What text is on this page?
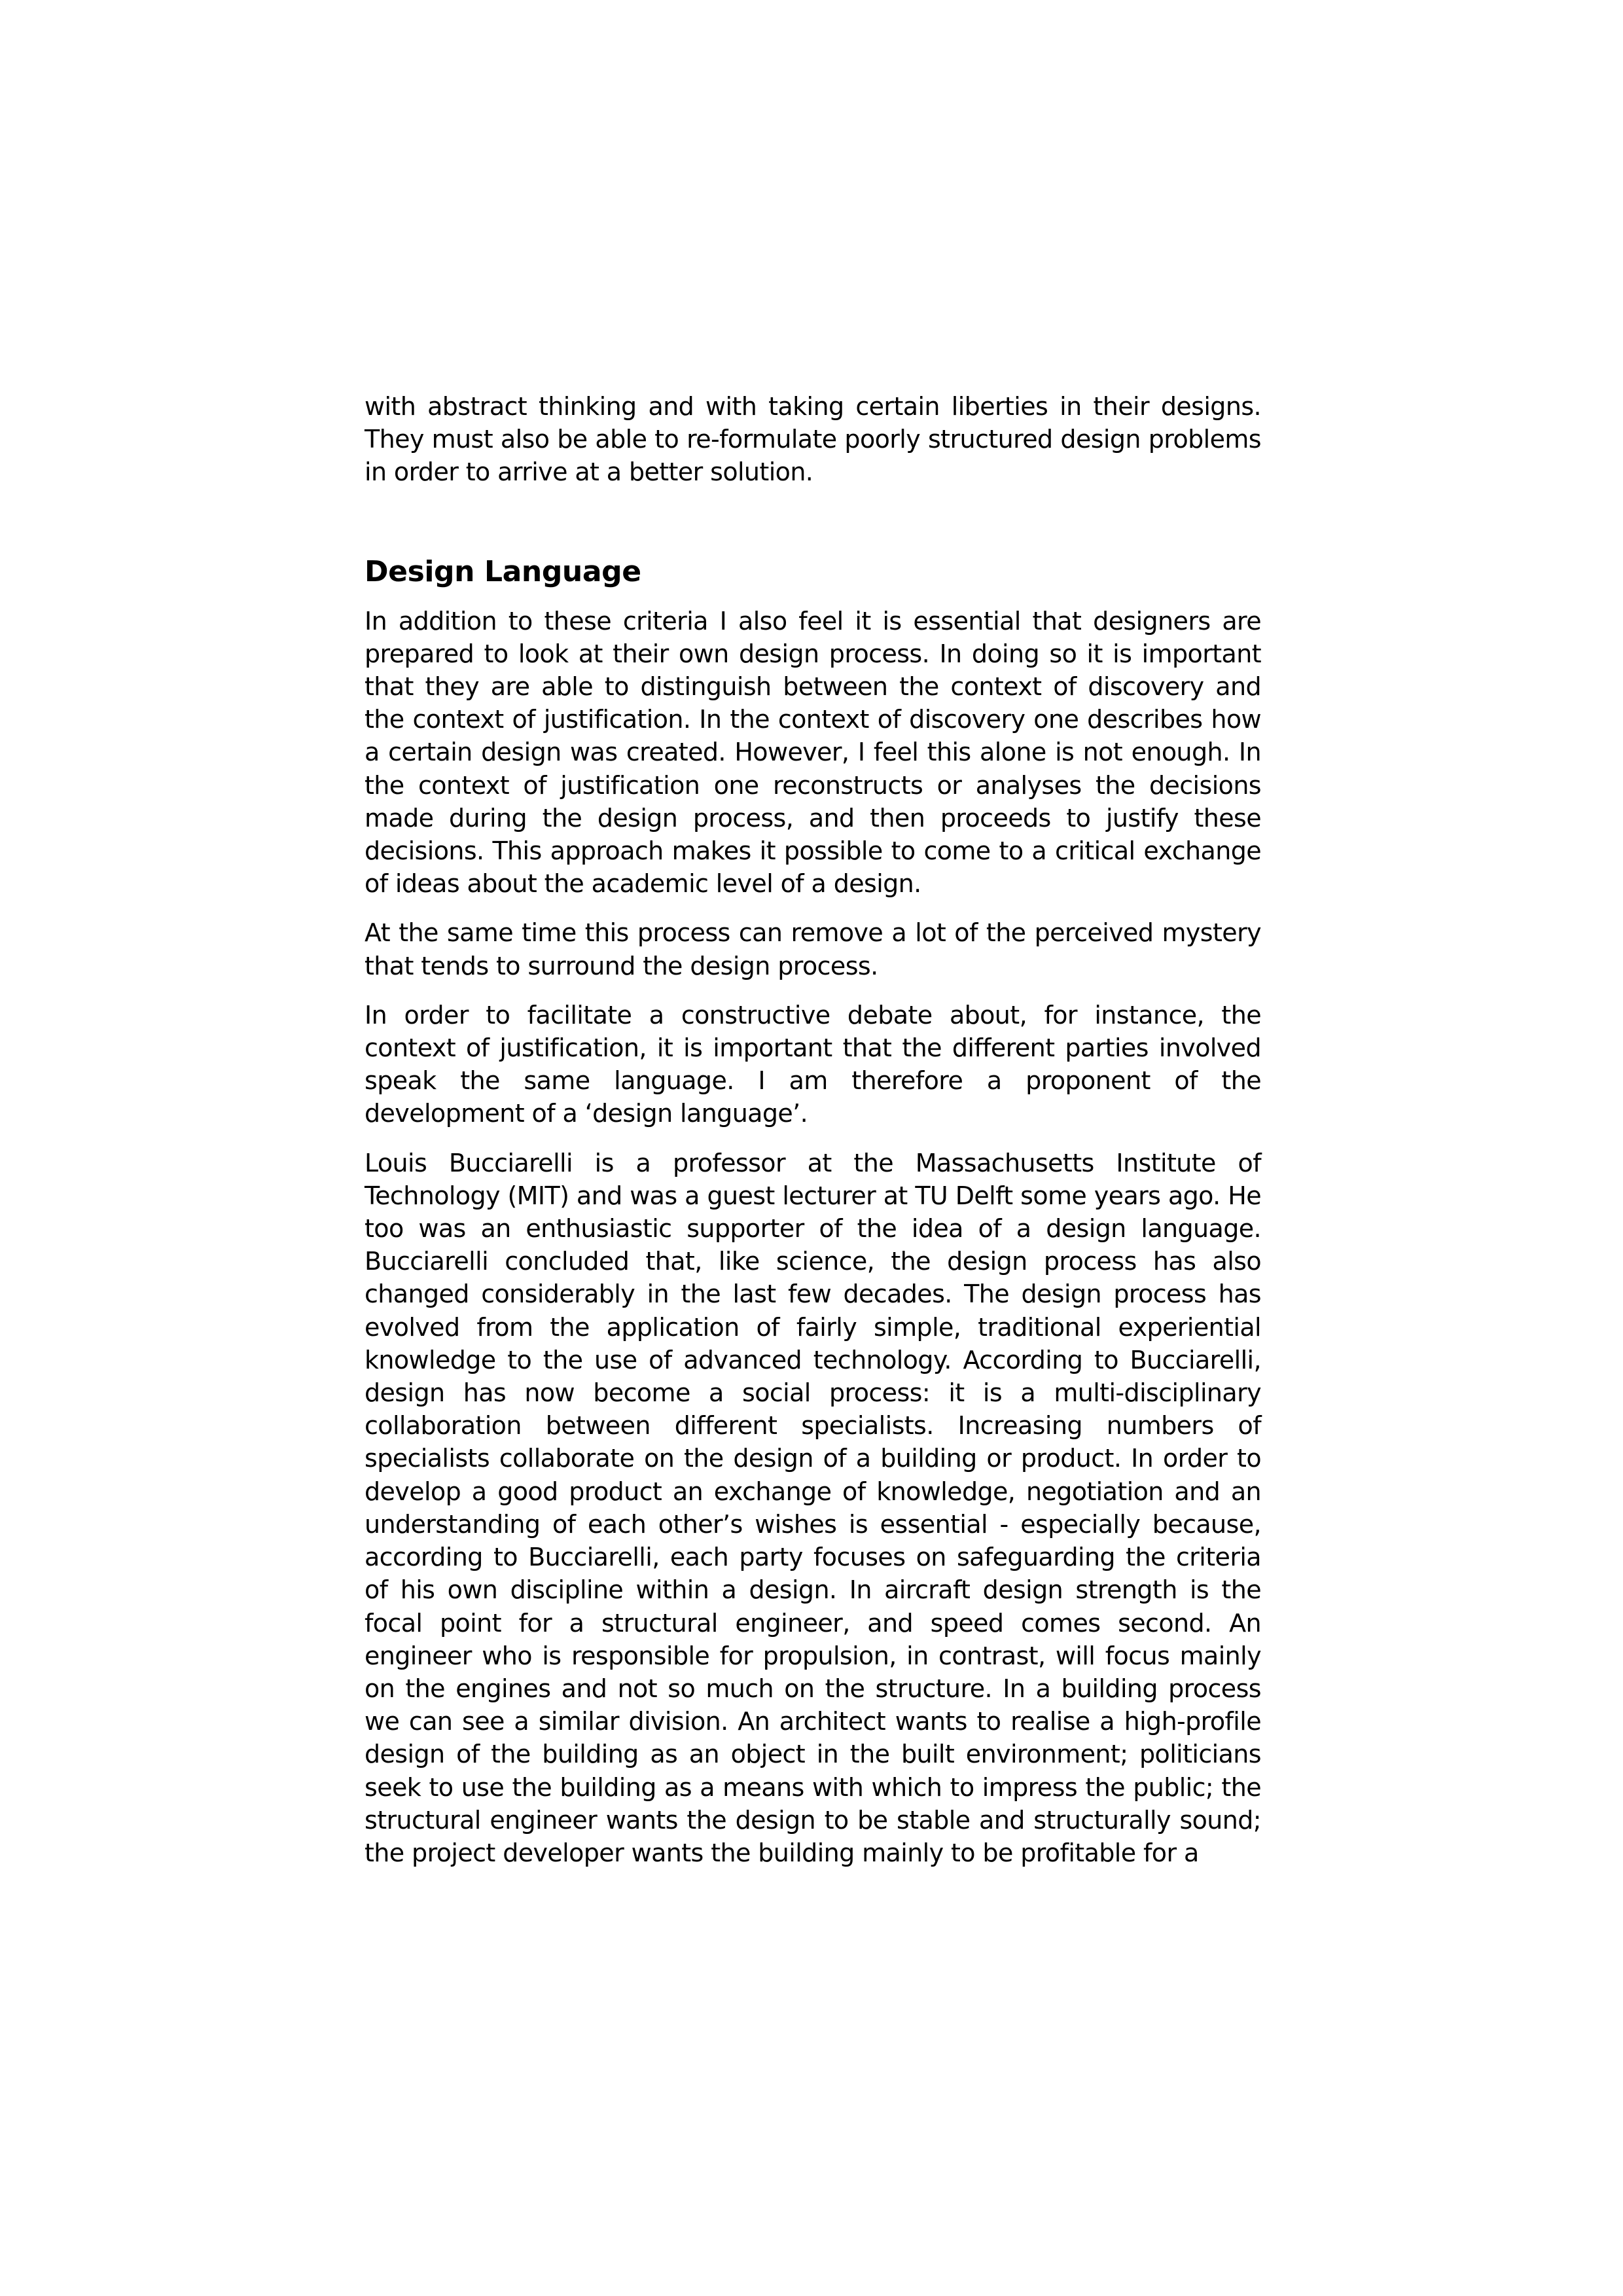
with abstract thinking and with taking certain liberties in their designs. They must also be able to re-formulate poorly structured design problems in order to arrive at a better solution.

Design Language

In addition to these criteria I also feel it is essential that designers are prepared to look at their own design process. In doing so it is important that they are able to distinguish between the context of discovery and the context of justification. In the context of discovery one describes how a certain design was created. However, I feel this alone is not enough. In the context of justification one reconstructs or analyses the decisions made during the design process, and then proceeds to justify these decisions. This approach makes it possible to come to a critical exchange of ideas about the academic level of a design.

At the same time this process can remove a lot of the perceived mystery that tends to surround the design process.

In order to facilitate a constructive debate about, for instance, the context of justification, it is important that the different parties involved speak the same language. I am therefore a proponent of the development of a ‘design language’.

Louis Bucciarelli is a professor at the Massachusetts Institute of Technology (MIT) and was a guest lecturer at TU Delft some years ago. He too was an enthusiastic supporter of the idea of a design language. Bucciarelli concluded that, like science, the design process has also changed considerably in the last few decades. The design process has evolved from the application of fairly simple, traditional experiential knowledge to the use of advanced technology. According to Bucciarelli, design has now become a social process: it is a multi-disciplinary collaboration between different specialists. Increasing numbers of specialists collaborate on the design of a building or product. In order to develop a good product an exchange of knowledge, negotiation and an understanding of each other’s wishes is essential - especially because, according to Bucciarelli, each party focuses on safeguarding the criteria of his own discipline within a design. In aircraft design strength is the focal point for a structural engineer, and speed comes second. An engineer who is responsible for propulsion, in contrast, will focus mainly on the engines and not so much on the structure. In a building process we can see a similar division. An architect wants to realise a high-profile design of the building as an object in the built environment; politicians seek to use the building as a means with which to impress the public; the structural engineer wants the design to be stable and structurally sound; the project developer wants the building mainly to be profitable for a
